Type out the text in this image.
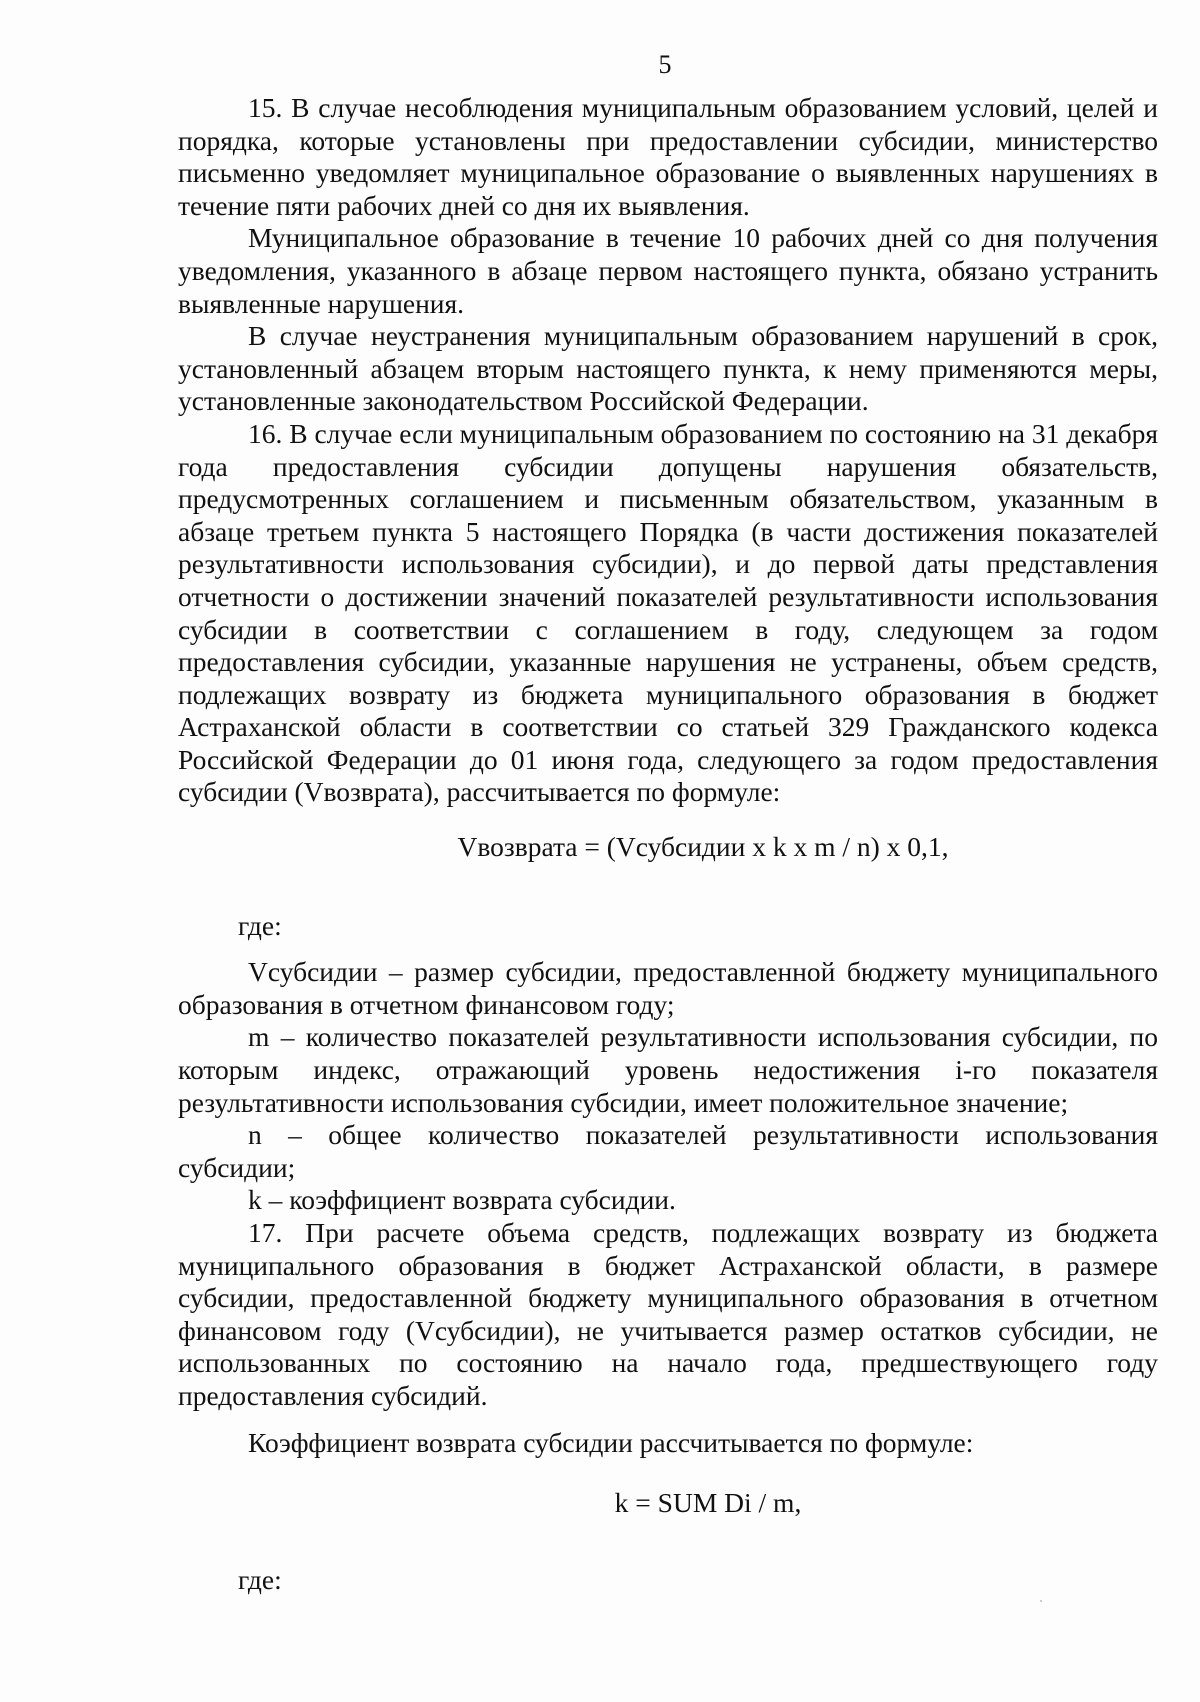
5

15. В случае несоблюдения муниципальным образованием условий, целей и порядка, которые установлены при предоставлении субсидии, министерство письменно уведомляет муниципальное образование о выявленных нарушениях в течение пяти рабочих дней со дня их выявления.

Муниципальное образование в течение 10 рабочих дней со дня получения уведомления, указанного в абзаце первом настоящего пункта, обязано устранить выявленные нарушения.

В случае неустранения муниципальным образованием нарушений в срок, установленный абзацем вторым настоящего пункта, к нему применяются меры, установленные законодательством Российской Федерации.

16. В случае если муниципальным образованием по состоянию на 31 декабря года предоставления субсидии допущены нарушения обязательств, предусмотренных соглашением и письменным обязательством, указанным в абзаце третьем пункта 5 настоящего Порядка (в части достижения показателей результативности использования субсидии), и до первой даты представления отчетности о достижении значений показателей результативности использования субсидии в соответствии с соглашением в году, следующем за годом предоставления субсидии, указанные нарушения не устранены, объем средств, подлежащих возврату из бюджета муниципального образования в бюджет Астраханской области в соответствии со статьей 329 Гражданского кодекса Российской Федерации до 01 июня года, следующего за годом предоставления субсидии (Vвозврата), рассчитывается по формуле:

Vвозврата = (Vсубсидии x k x m / n) x 0,1,

где:

Vсубсидии – размер субсидии, предоставленной бюджету муниципального образования в отчетном финансовом году;

m – количество показателей результативности использования субсидии, по которым индекс, отражающий уровень недостижения i-го показателя результативности использования субсидии, имеет положительное значение;

n – общее количество показателей результативности использования субсидии;

k – коэффициент возврата субсидии.

17. При расчете объема средств, подлежащих возврату из бюджета муниципального образования в бюджет Астраханской области, в размере субсидии, предоставленной бюджету муниципального образования в отчетном финансовом году (Vсубсидии), не учитывается размер остатков субсидии, не использованных по состоянию на начало года, предшествующего году предоставления субсидий.

Коэффициент возврата субсидии рассчитывается по формуле:

k = SUM Di / m,

где:
